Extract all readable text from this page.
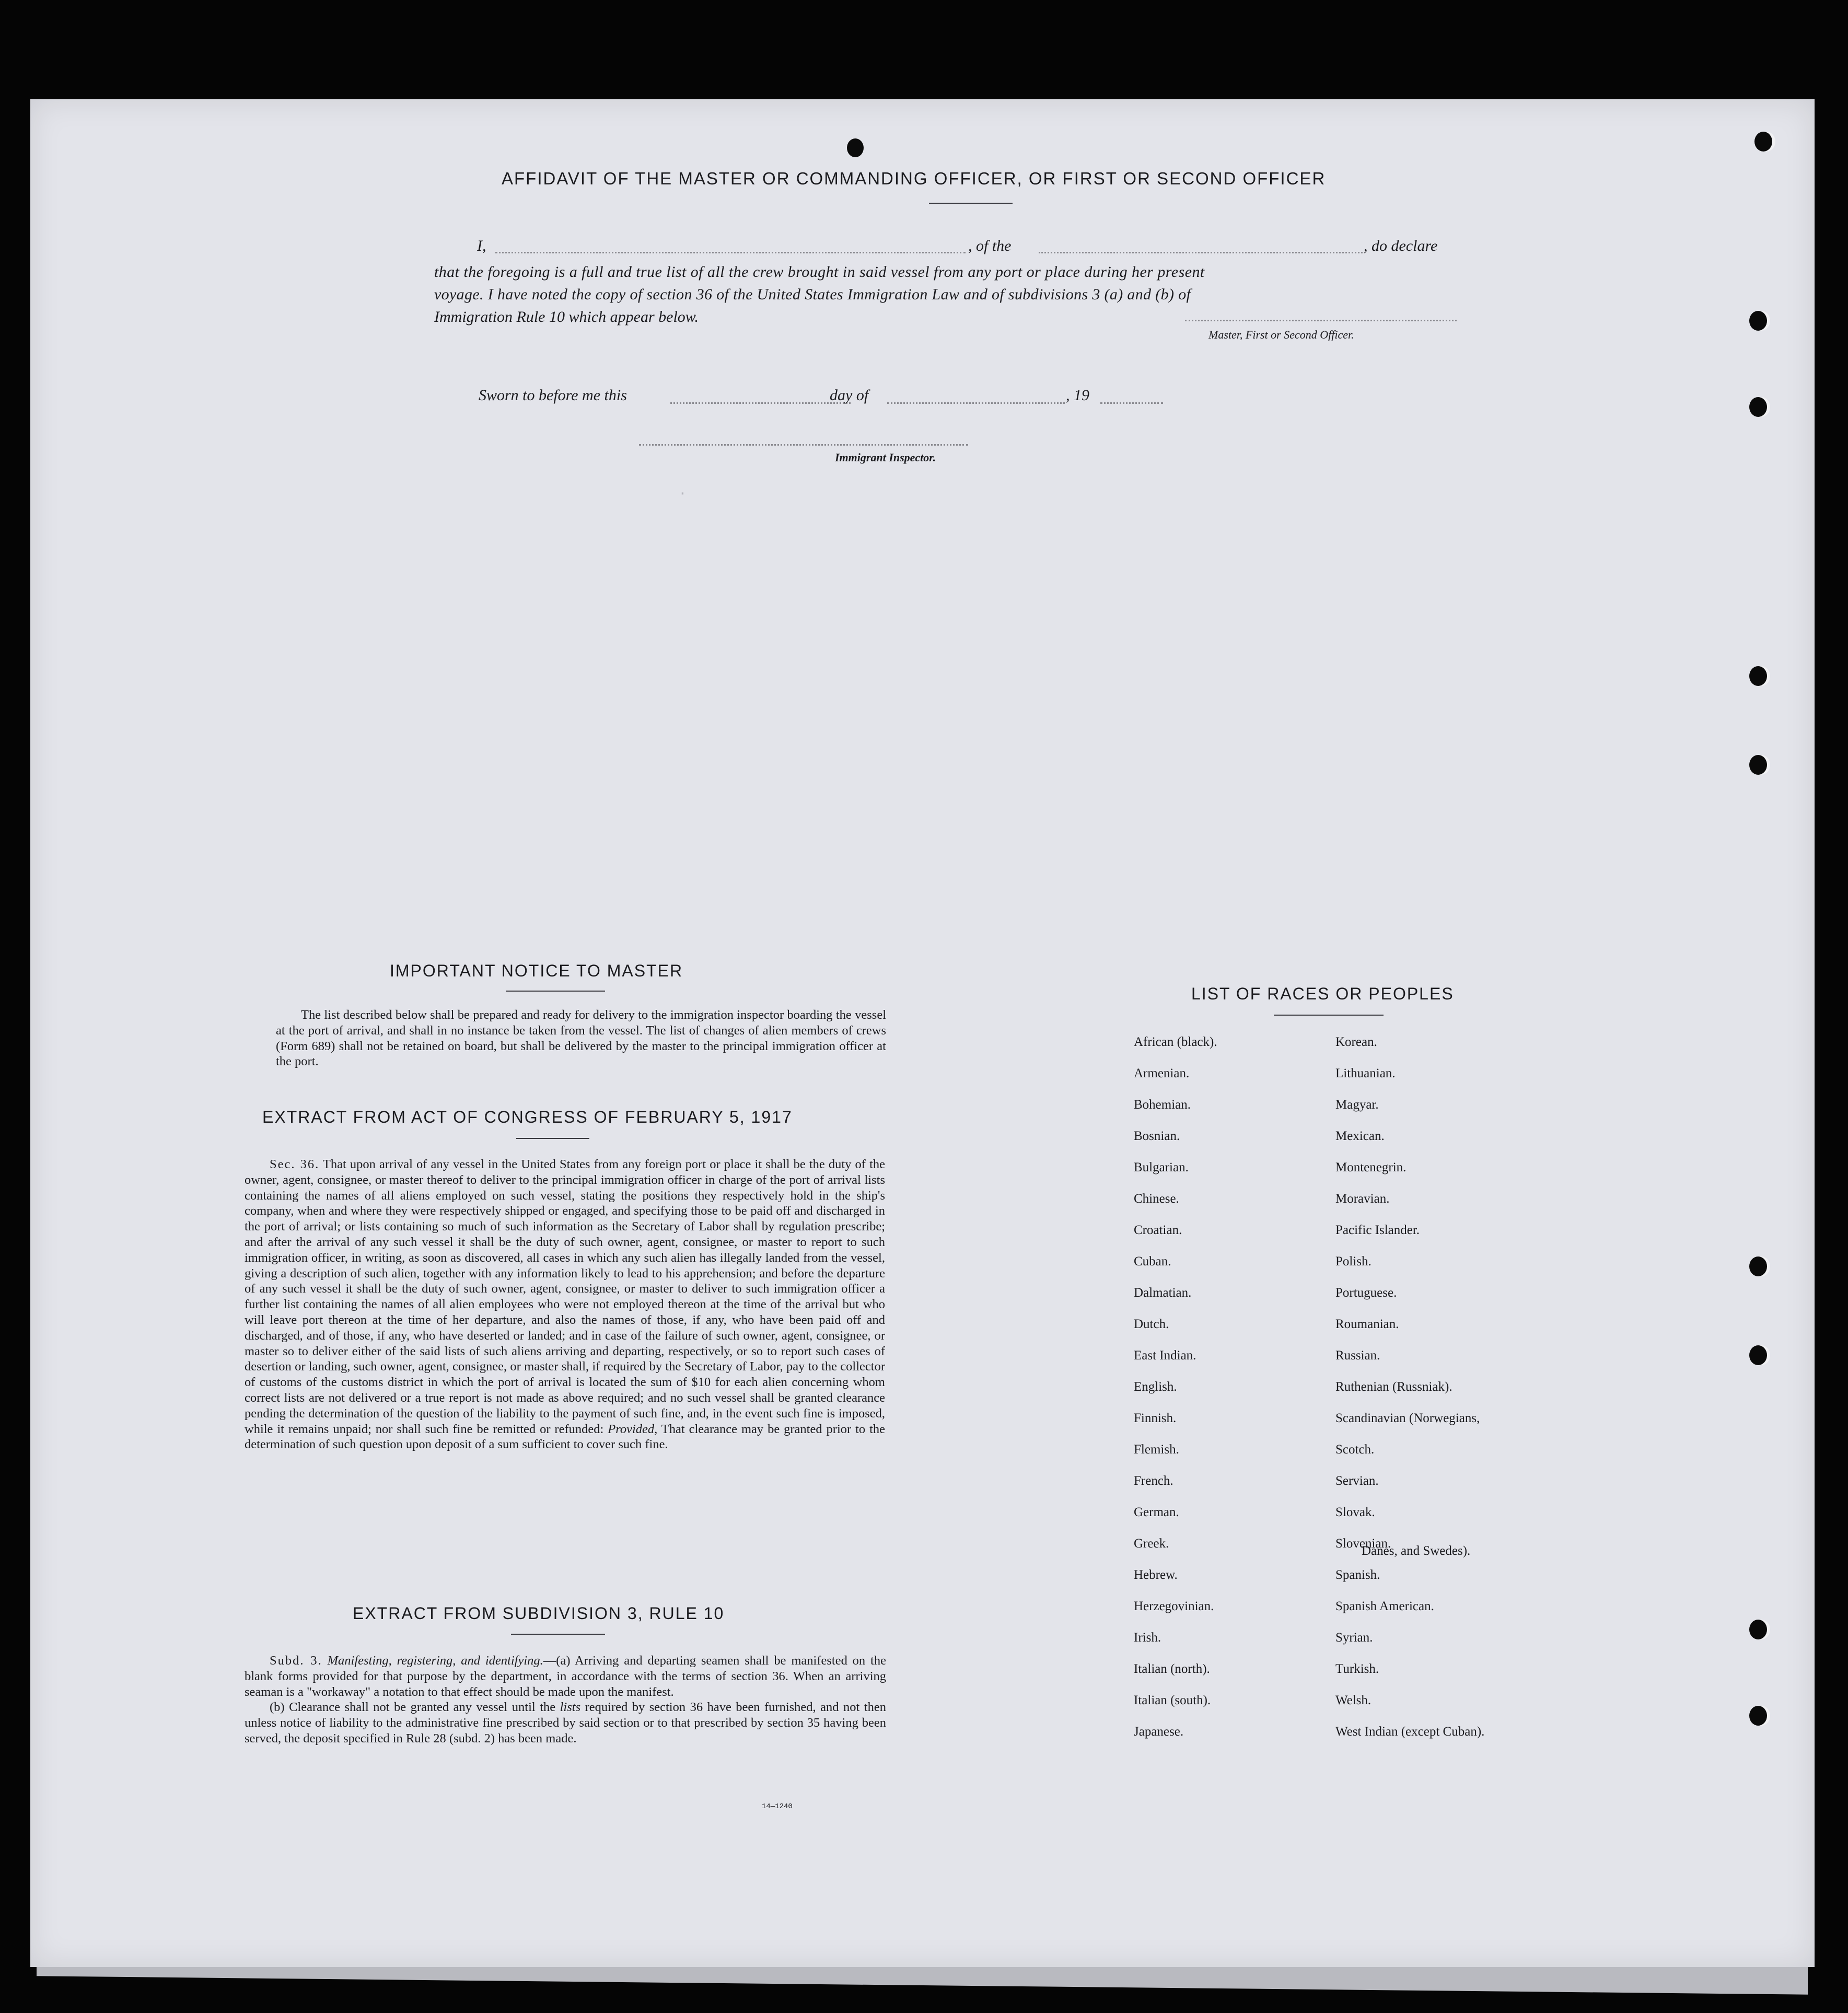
AFFIDAVIT OF THE MASTER OR COMMANDING OFFICER, OR FIRST OR SECOND OFFICER
I,	, of the	, do declare
that the foregoing is a full and true list of all the crew brought in said vessel from any port or place during her present
voyage. I have noted the copy of section 36 of the United States Immigration Law and of subdivisions 3 (a) and (b) of
Immigration Rule 10 which appear below.
Master, First or Second Officer.
Sworn to before me this	day of	, 19
Immigrant Inspector.
·
IMPORTANT NOTICE TO MASTER

The list described below shall be prepared and ready for delivery to the immigration inspector boarding the vessel at the port of arrival, and shall in no instance be taken from the vessel. The list of changes of alien members of crews (Form 689) shall not be retained on board, but shall be delivered by the master to the principal immigration officer at the port.

EXTRACT FROM ACT OF CONGRESS OF FEBRUARY 5, 1917

Sec. 36. That upon arrival of any vessel in the United States from any foreign port or place it shall be the duty of the owner, agent, consignee, or master thereof to deliver to the principal immigration officer in charge of the port of arrival lists containing the names of all aliens employed on such vessel, stating the positions they respectively hold in the ship's company, when and where they were respectively shipped or engaged, and specifying those to be paid off and discharged in the port of arrival; or lists containing so much of such information as the Secretary of Labor shall by regulation prescribe; and after the arrival of any such vessel it shall be the duty of such owner, agent, consignee, or master to report to such immigration officer, in writing, as soon as discovered, all cases in which any such alien has illegally landed from the vessel, giving a description of such alien, together with any information likely to lead to his apprehension; and before the departure of any such vessel it shall be the duty of such owner, agent, consignee, or master to deliver to such immigration officer a further list containing the names of all alien employees who were not employed thereon at the time of the arrival but who will leave port thereon at the time of her departure, and also the names of those, if any, who have been paid off and discharged, and of those, if any, who have deserted or landed; and in case of the failure of such owner, agent, consignee, or master so to deliver either of the said lists of such aliens arriving and departing, respectively, or so to report such cases of desertion or landing, such owner, agent, consignee, or master shall, if required by the Secretary of Labor, pay to the collector of customs of the customs district in which the port of arrival is located the sum of $10 for each alien concerning whom correct lists are not delivered or a true report is not made as above required; and no such vessel shall be granted clearance pending the determination of the question of the liability to the payment of such fine, and, in the event such fine is imposed, while it remains unpaid; nor shall such fine be remitted or refunded: Provided, That clearance may be granted prior to the determination of such question upon deposit of a sum sufficient to cover such fine.

EXTRACT FROM SUBDIVISION 3, RULE 10

Subd. 3. Manifesting, registering, and identifying.—(a) Arriving and departing seamen shall be manifested on the blank forms provided for that purpose by the department, in accordance with the terms of section 36. When an arriving seaman is a "workaway" a notation to that effect should be made upon the manifest.

(b) Clearance shall not be granted any vessel until the lists required by section 36 have been furnished, and not then unless notice of liability to the administrative fine prescribed by said section or to that prescribed by section 35 having been served, the deposit specified in Rule 28 (subd. 2) has been made.

14—1240
LIST OF RACES OR PEOPLES
African (black).
Armenian.
Bohemian.
Bosnian.
Bulgarian.
Chinese.
Croatian.
Cuban.
Dalmatian.
Dutch.
East Indian.
English.
Finnish.
Flemish.
French.
German.
Greek.
Hebrew.
Herzegovinian.
Irish.
Italian (north).
Italian (south).
Japanese.
Korean.
Lithuanian.
Magyar.
Mexican.
Montenegrin.
Moravian.
Pacific Islander.
Polish.
Portuguese.
Roumanian.
Russian.
Ruthenian (Russniak).
Scandinavian (Norwegians,
Scotch.
Servian.
Slovak.
Slovenian.
Spanish.
Spanish American.
Syrian.
Turkish.
Welsh.
West Indian (except Cuban).
Danes, and Swedes).
